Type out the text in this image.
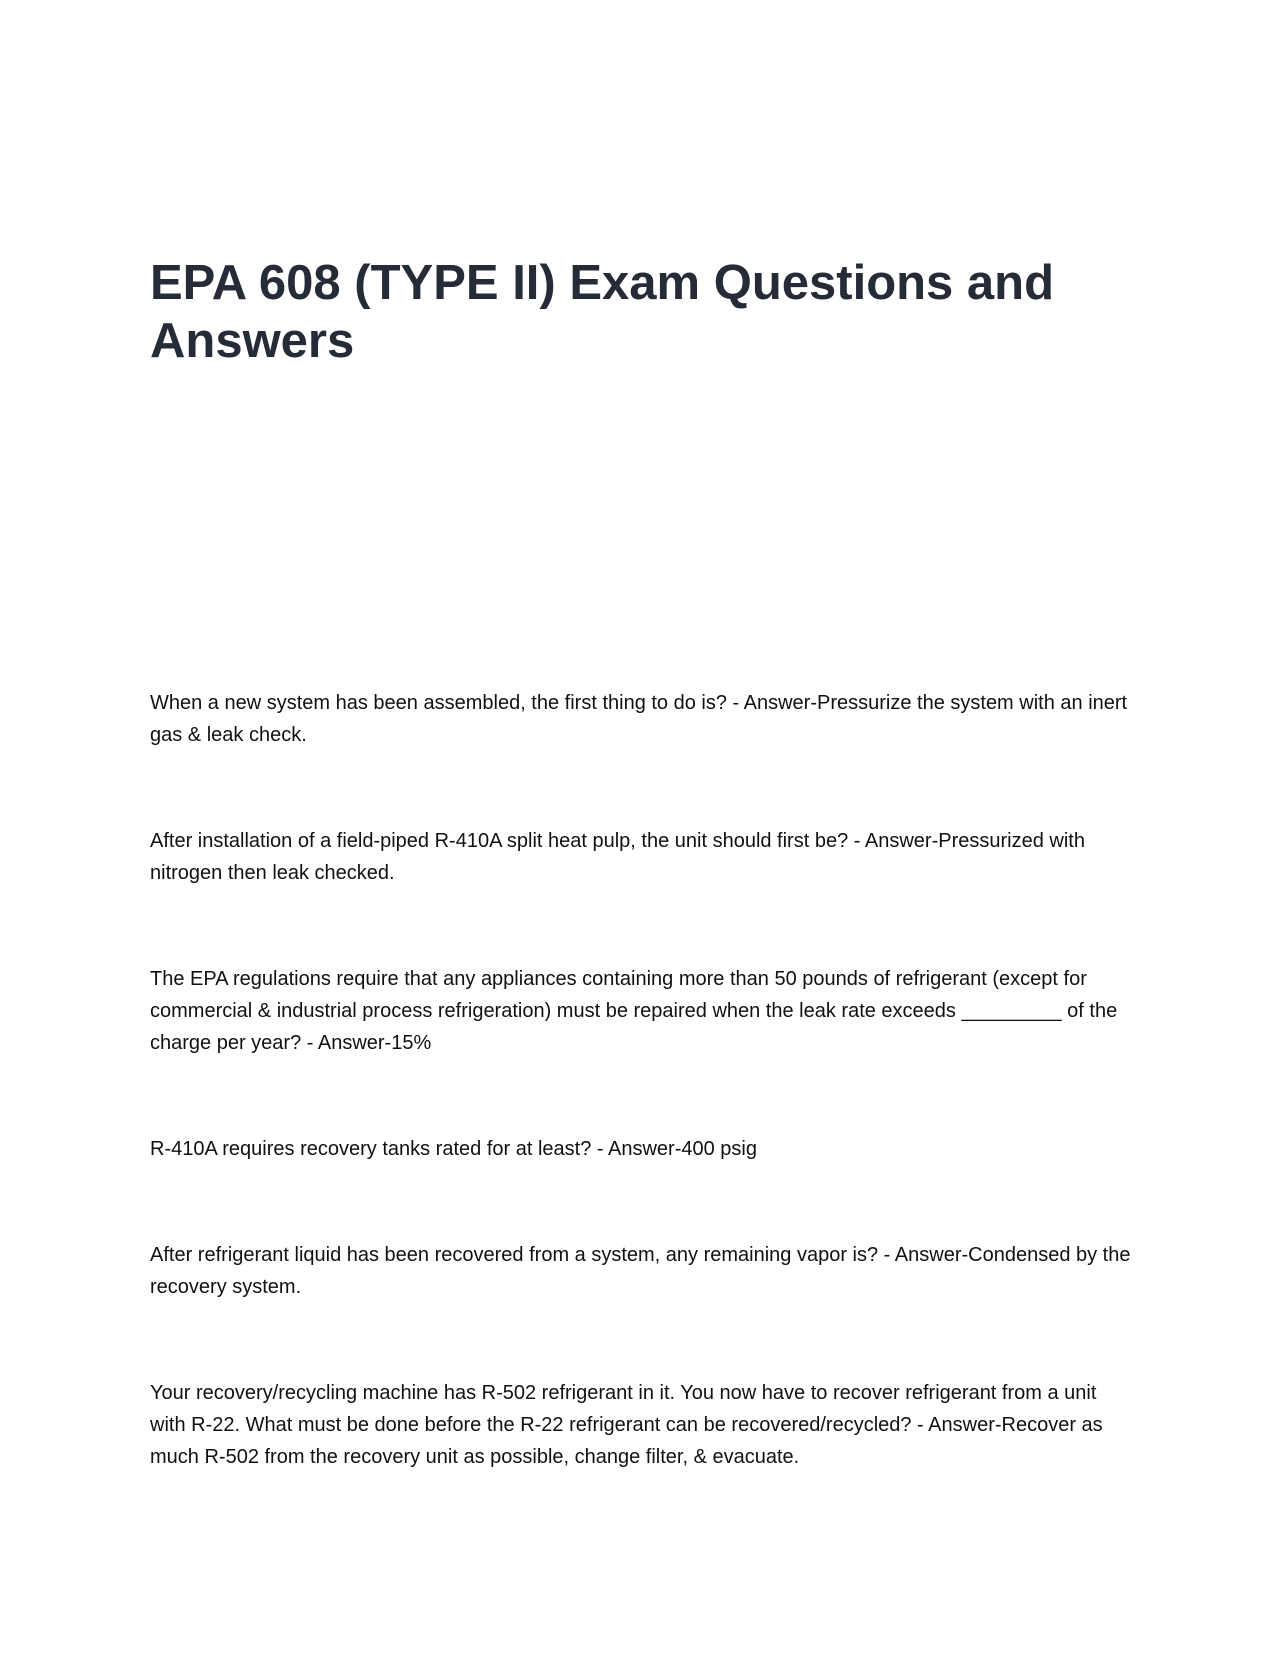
EPA 608 (TYPE II) Exam Questions and Answers

When a new system has been assembled, the first thing to do is? - Answer-Pressurize the system with an inert gas & leak check.

After installation of a field-piped R-410A split heat pulp, the unit should first be? - Answer-Pressurized with nitrogen then leak checked.

The EPA regulations require that any appliances containing more than 50 pounds of refrigerant (except for commercial & industrial process refrigeration) must be repaired when the leak rate exceeds _________ of the charge per year? - Answer-15%

R-410A requires recovery tanks rated for at least? - Answer-400 psig

After refrigerant liquid has been recovered from a system, any remaining vapor is? - Answer-Condensed by the recovery system.

Your recovery/recycling machine has R-502 refrigerant in it. You now have to recover refrigerant from a unit with R-22. What must be done before the R-22 refrigerant can be recovered/recycled? - Answer-Recover as much R-502 from the recovery unit as possible, change filter, & evacuate.
